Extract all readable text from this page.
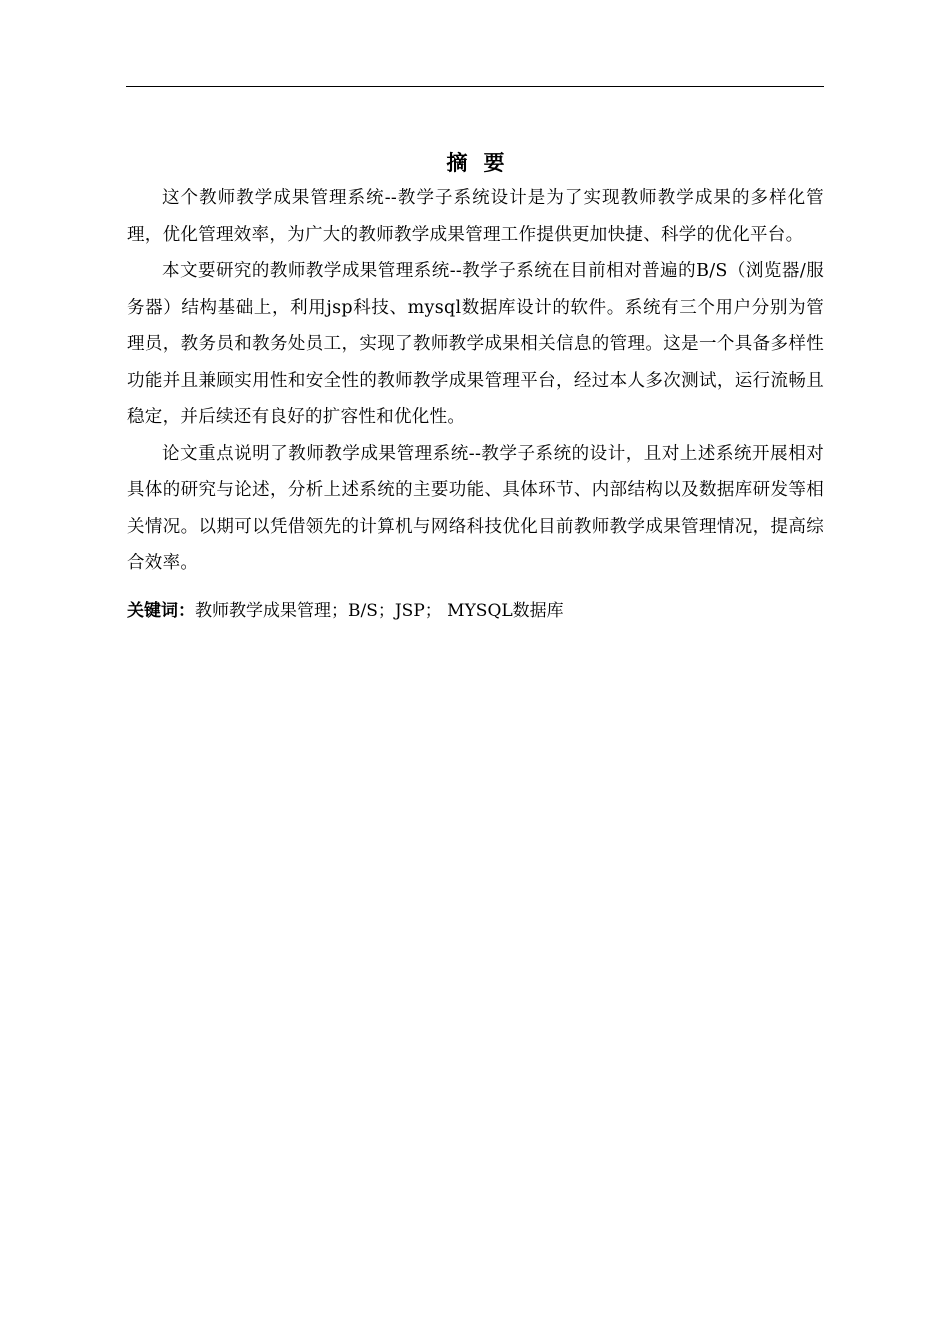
摘要

这个教师教学成果管理系统--教学子系统设计是为了实现教师教学成果的多样化管理，优化管理效率，为广大的教师教学成果管理工作提供更加快捷、科学的优化平台。

本文要研究的教师教学成果管理系统--教学子系统在目前相对普遍的B/S（浏览器/服务器）结构基础上，利用jsp科技、mysql数据库设计的软件。系统有三个用户分别为管理员，教务员和教务处员工，实现了教师教学成果相关信息的管理。这是一个具备多样性功能并且兼顾实用性和安全性的教师教学成果管理平台，经过本人多次测试，运行流畅且稳定，并后续还有良好的扩容性和优化性。

论文重点说明了教师教学成果管理系统--教学子系统的设计，且对上述系统开展相对具体的研究与论述，分析上述系统的主要功能、具体环节、内部结构以及数据库研发等相关情况。以期可以凭借领先的计算机与网络科技优化目前教师教学成果管理情况，提高综合效率。

关键词：教师教学成果管理；B/S；JSP； MYSQL数据库
